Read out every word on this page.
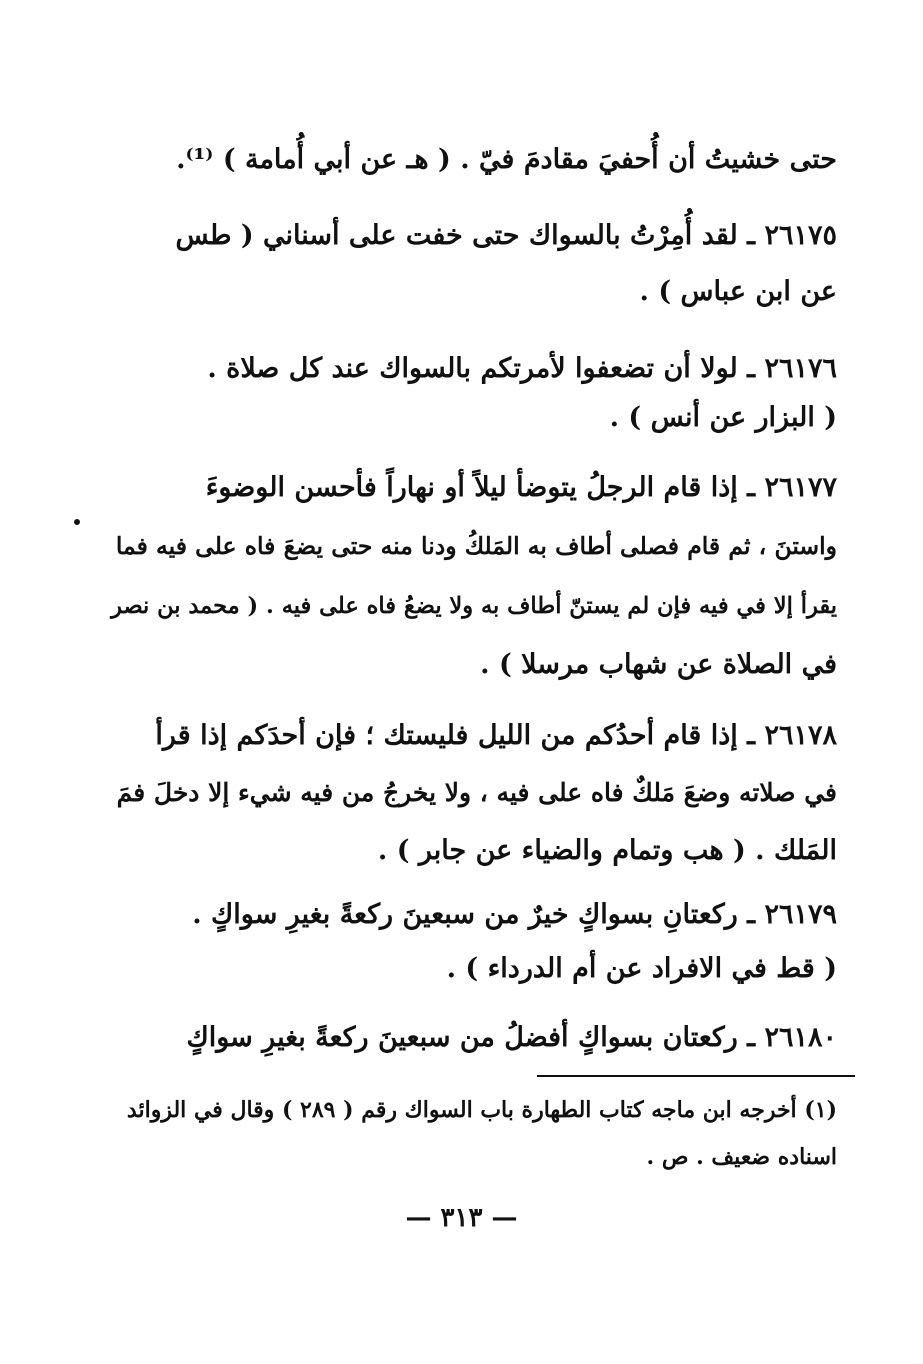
حتى خشيتُ أن أُحفيَ مقادمَ فيّ . ( هـ عن أبي أُمامة ) ⁽¹⁾.
٢٦١٧٥ ـ لقد أُمِرْتُ بالسواك حتى خفت على أسناني ( طس
عن ابن عباس ) .
٢٦١٧٦ ـ لولا أن تضعفوا لأمرتكم بالسواك عند كل صلاة .
( البزار عن أنس ) .
٢٦١٧٧ ـ إذا قام الرجلُ يتوضأ ليلاً أو نهاراً فأحسن الوضوءَ
واستنَ ، ثم قام فصلى أطاف به المَلكُ ودنا منه حتى يضعَ فاه على فيه فما
يقرأ إلا في فيه فإن لم يستنّ أطاف به ولا يضعُ فاه على فيه . ( محمد بن نصر
في الصلاة عن شهاب مرسلا ) .
٢٦١٧٨ ـ إذا قام أحدُكم من الليل فليستك ؛ فإن أحدَكم إذا قرأ
في صلاته وضعَ مَلكٌ فاه على فيه ، ولا يخرجُ من فيه شيء إلا دخلَ فمَ
المَلك . ( هب وتمام والضياء عن جابر ) .
٢٦١٧٩ ـ ركعتانِ بسواكٍ خيرٌ من سبعينَ ركعةً بغيرِ سواكٍ .
( قط في الافراد عن أم الدرداء ) .
٢٦١٨٠ ـ ركعتان بسواكٍ أفضلُ من سبعينَ ركعةً بغيرِ سواكٍ
(١) أخرجه ابن ماجه كتاب الطهارة باب السواك رقم ( ٢٨٩ ) وقال في الزوائد
اسناده ضعيف . ص .
— ٣١٣ —
